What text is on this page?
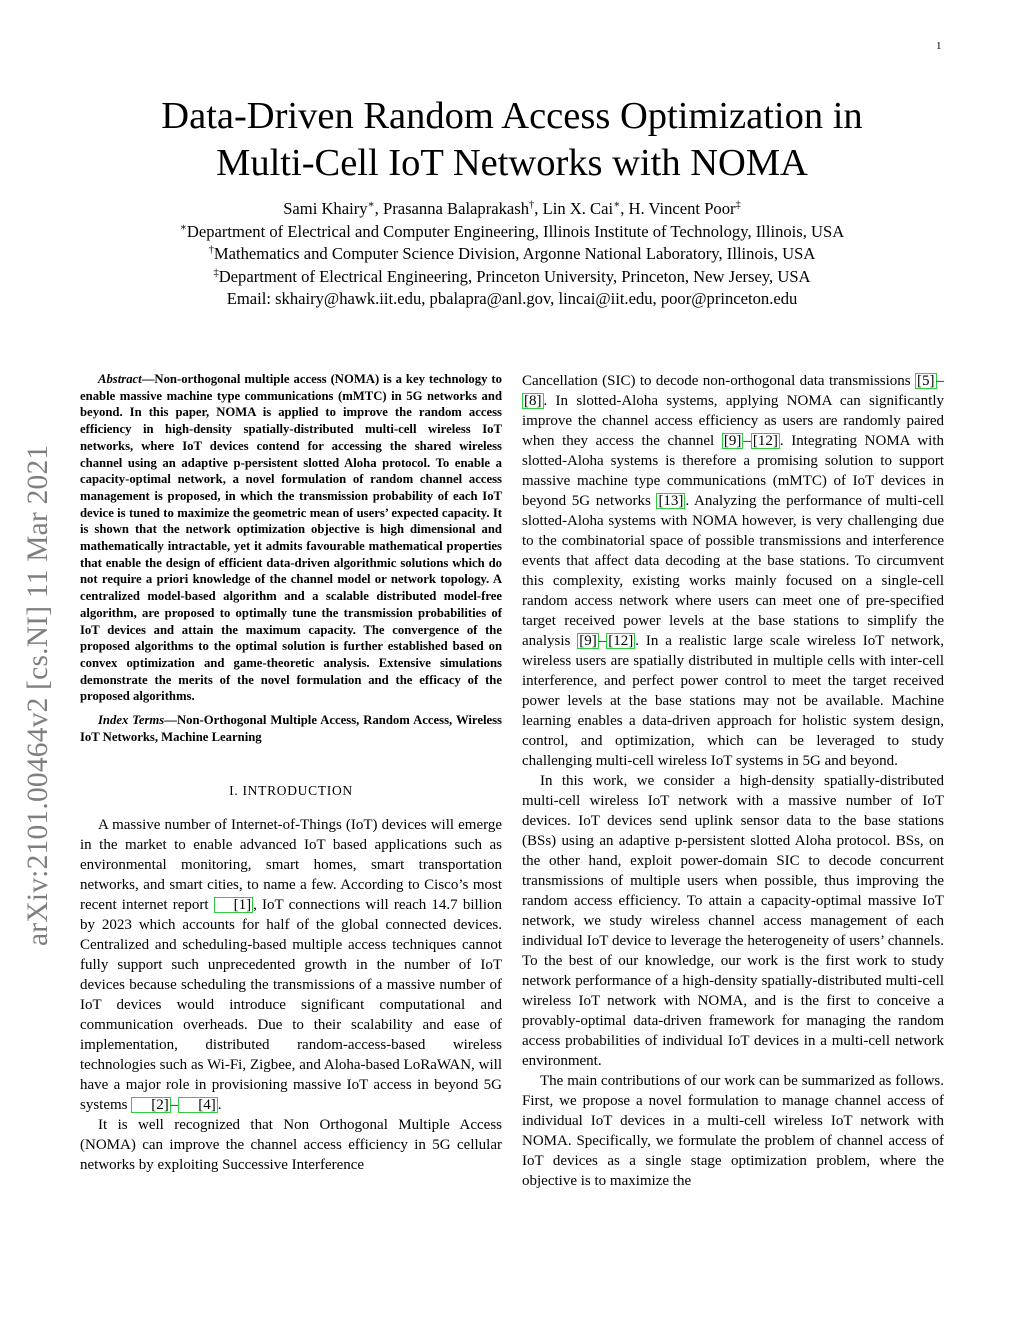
1
arXiv:2101.00464v2 [cs.NI] 11 Mar 2021
Data-Driven Random Access Optimization in
Multi-Cell IoT Networks with NOMA
Sami Khairy∗, Prasanna Balaprakash†, Lin X. Cai∗, H. Vincent Poor‡
∗Department of Electrical and Computer Engineering, Illinois Institute of Technology, Illinois, USA
†Mathematics and Computer Science Division, Argonne National Laboratory, Illinois, USA
‡Department of Electrical Engineering, Princeton University, Princeton, New Jersey, USA
Email: skhairy@hawk.iit.edu, pbalapra@anl.gov, lincai@iit.edu, poor@princeton.edu

Abstract—Non-orthogonal multiple access (NOMA) is a key technology to enable massive machine type communications (mMTC) in 5G networks and beyond. In this paper, NOMA is applied to improve the random access efficiency in high-density spatially-distributed multi-cell wireless IoT networks, where IoT devices contend for accessing the shared wireless channel using an adaptive p-persistent slotted Aloha protocol. To enable a capacity-optimal network, a novel formulation of random channel access management is proposed, in which the transmission probability of each IoT device is tuned to maximize the geometric mean of users’ expected capacity. It is shown that the network optimization objective is high dimensional and mathematically intractable, yet it admits favourable mathematical properties that enable the design of efficient data-driven algorithmic solutions which do not require a priori knowledge of the channel model or network topology. A centralized model-based algorithm and a scalable distributed model-free algorithm, are proposed to optimally tune the transmission probabilities of IoT devices and attain the maximum capacity. The convergence of the proposed algorithms to the optimal solution is further established based on convex optimization and game-theoretic analysis. Extensive simulations demonstrate the merits of the novel formulation and the efficacy of the proposed algorithms.

Index Terms—Non-Orthogonal Multiple Access, Random Access, Wireless IoT Networks, Machine Learning

I. INTRODUCTION

A massive number of Internet-of-Things (IoT) devices will emerge in the market to enable advanced IoT based applications such as environmental monitoring, smart homes, smart transportation networks, and smart cities, to name a few. According to Cisco’s most recent internet report [1] , IoT connections will reach 14.7 billion by 2023 which accounts for half of the global connected devices. Centralized and scheduling-based multiple access techniques cannot fully support such unprecedented growth in the number of IoT devices because scheduling the transmissions of a massive number of IoT devices would introduce significant computational and communication overheads. Due to their scalability and ease of implementation, distributed random-access-based wireless technologies such as Wi-Fi, Zigbee, and Aloha-based LoRaWAN, will have a major role in provisioning massive IoT access in beyond 5G systems [2] – [4] .

It is well recognized that Non Orthogonal Multiple Access (NOMA) can improve the channel access efficiency in 5G cellular networks by exploiting Successive Interference

Cancellation (SIC) to decode non-orthogonal data transmissions [5] –[8] . In slotted-Aloha systems, applying NOMA can significantly improve the channel access efficiency as users are randomly paired when they access the channel [9] – [12] . Integrating NOMA with slotted-Aloha systems is therefore a promising solution to support massive machine type communications (mMTC) of IoT devices in beyond 5G networks [13] . Analyzing the performance of multi-cell slotted-Aloha systems with NOMA however, is very challenging due to the combinatorial space of possible transmissions and interference events that affect data decoding at the base stations. To circumvent this complexity, existing works mainly focused on a single-cell random access network where users can meet one of pre-specified target received power levels at the base stations to simplify the analysis [9] – [12] . In a realistic large scale wireless IoT network, wireless users are spatially distributed in multiple cells with inter-cell interference, and perfect power control to meet the target received power levels at the base stations may not be available. Machine learning enables a data-driven approach for holistic system design, control, and optimization, which can be leveraged to study challenging multi-cell wireless IoT systems in 5G and beyond.

In this work, we consider a high-density spatially-distributed multi-cell wireless IoT network with a massive number of IoT devices. IoT devices send uplink sensor data to the base stations (BSs) using an adaptive p-persistent slotted Aloha protocol. BSs, on the other hand, exploit power-domain SIC to decode concurrent transmissions of multiple users when possible, thus improving the random access efficiency. To attain a capacity-optimal massive IoT network, we study wireless channel access management of each individual IoT device to leverage the heterogeneity of users’ channels. To the best of our knowledge, our work is the first work to study network performance of a high-density spatially-distributed multi-cell wireless IoT network with NOMA, and is the first to conceive a provably-optimal data-driven framework for managing the random access probabilities of individual IoT devices in a multi-cell network environment.

The main contributions of our work can be summarized as follows. First, we propose a novel formulation to manage channel access of individual IoT devices in a multi-cell wireless IoT network with NOMA. Specifically, we formulate the problem of channel access of IoT devices as a single stage optimization problem, where the objective is to maximize the
